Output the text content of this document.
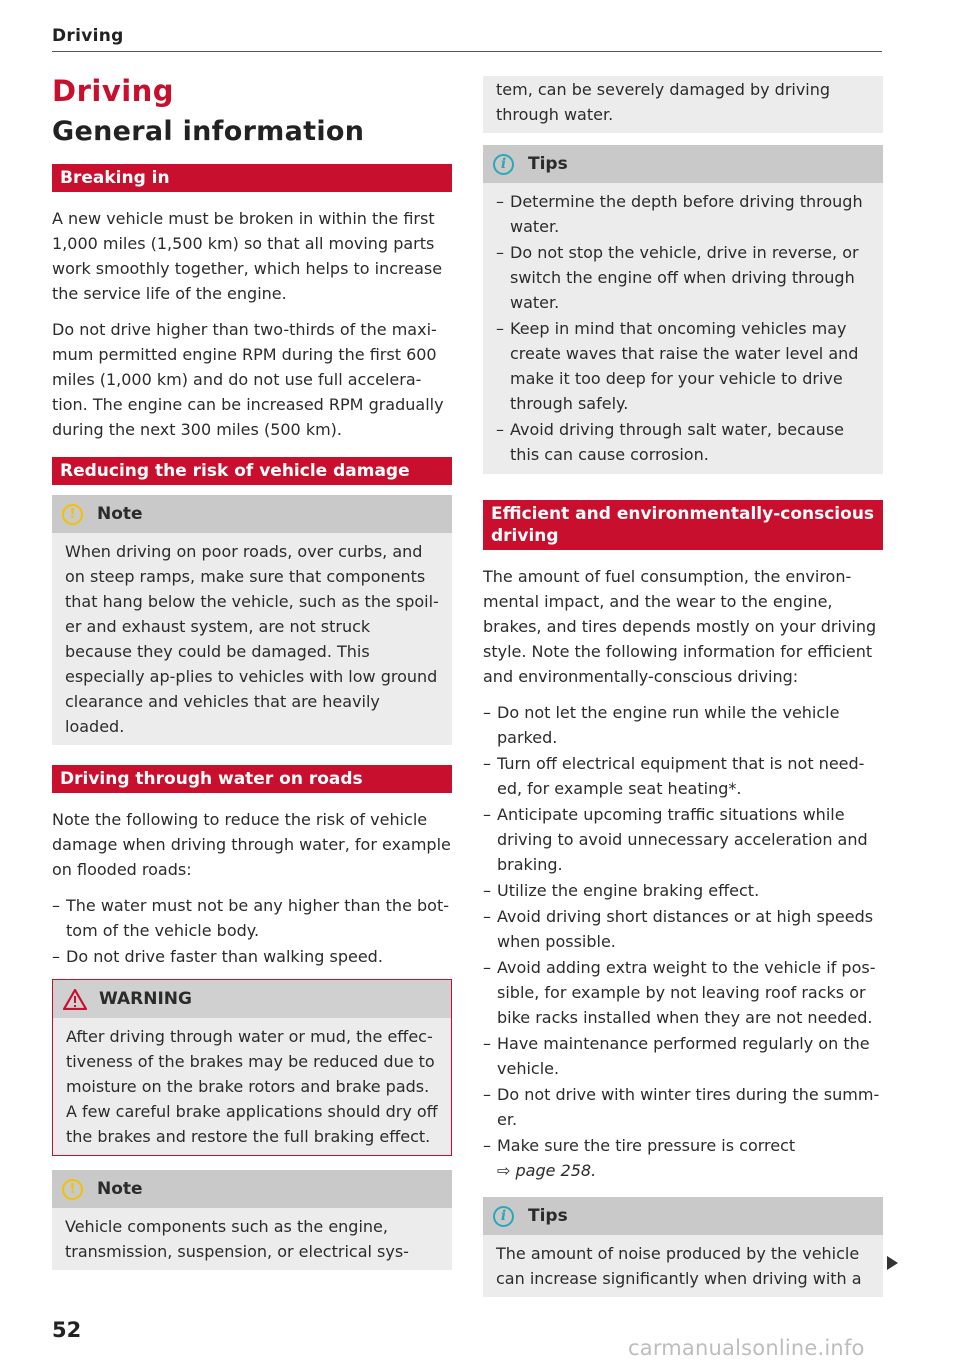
Driving
Driving
General information
Breaking in

A new vehicle must be broken in within the first 1,000 miles (1,500 km) so that all moving parts work smoothly together, which helps to increase the service life of the engine.

Do not drive higher than two-thirds of the maxi-mum permitted engine RPM during the first 600 miles (1,000 km) and do not use full accelera-tion. The engine can be increased RPM gradually during the next 300 miles (500 km).

Reducing the risk of vehicle damage
!	Note

When driving on poor roads, over curbs, and on steep ramps, make sure that components that hang below the vehicle, such as the spoil-er and exhaust system, are not struck because they could be damaged. This especially ap-plies to vehicles with low ground clearance and vehicles that are heavily loaded.

Driving through water on roads

Note the following to reduce the risk of vehicle damage when driving through water, for example on flooded roads:

– The water must not be any higher than the bot-tom of the vehicle body.
– Do not drive faster than walking speed.
WARNING

After driving through water or mud, the effec-tiveness of the brakes may be reduced due to moisture on the brake rotors and brake pads. A few careful brake applications should dry off the brakes and restore the full braking effect.

!	Note

Vehicle components such as the engine, transmission, suspension, or electrical sys-

tem, can be severely damaged by driving through water.

i	Tips
– Determine the depth before driving through water.
– Do not stop the vehicle, drive in reverse, or switch the engine off when driving through water.
– Keep in mind that oncoming vehicles may create waves that raise the water level and make it too deep for your vehicle to drive through safely.
– Avoid driving through salt water, because this can cause corrosion.
Efficient and environmentally-conscious driving

The amount of fuel consumption, the environ-mental impact, and the wear to the engine, brakes, and tires depends mostly on your driving style. Note the following information for efficient and environmentally-conscious driving:

– Do not let the engine run while the vehicle parked.
– Turn off electrical equipment that is not need-ed, for example seat heating*.
– Anticipate upcoming traffic situations while driving to avoid unnecessary acceleration and braking.
– Utilize the engine braking effect.
– Avoid driving short distances or at high speeds when possible.
– Avoid adding extra weight to the vehicle if pos-sible, for example by not leaving roof racks or bike racks installed when they are not needed.
– Have maintenance performed regularly on the vehicle.
– Do not drive with winter tires during the summ-er.
– Make sure the tire pressure is correct
⇨ page 258.
i	Tips

The amount of noise produced by the vehicle can increase significantly when driving with a

52
carmanualsonline.info
